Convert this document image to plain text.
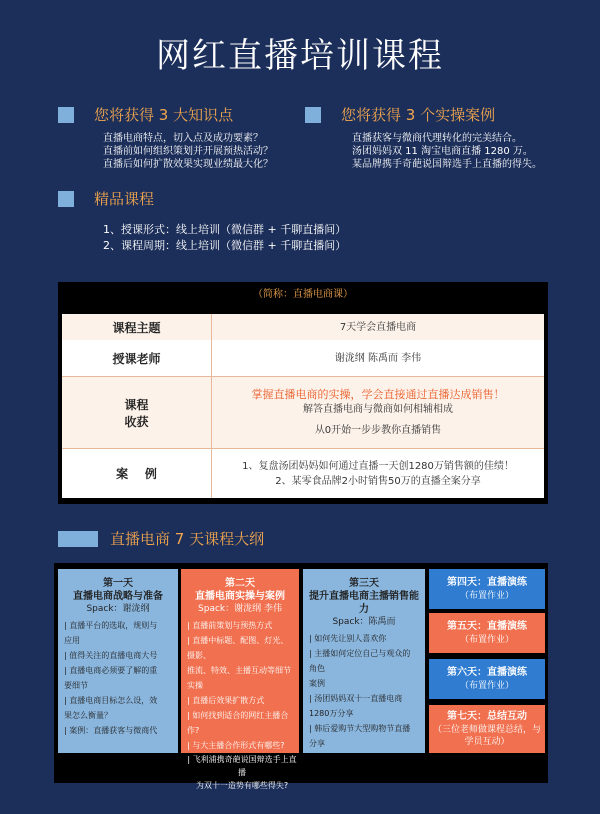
网红直播培训课程
您将获得 3 大知识点
直播电商特点，切入点及成功要素？
直播前如何组织策划并开展预热活动？
直播后如何扩散效果实现业绩最大化？
您将获得 3 个实操案例
直播获客与微商代理转化的完美结合。
汤团妈妈双 11 淘宝电商直播 1280 万。
某品牌携手奇葩说国辩选手上直播的得失。
精品课程
1、授课形式：线上培训（微信群 + 千聊直播间）
2、课程周期：线上培训（微信群 + 千聊直播间）
（简称：直播电商课）
课程主题	7天学会直播电商
授课老师	谢泷纲 陈禹而 李伟
课程
收获
掌握直播电商的实操，学会直接通过直播达成销售！
解答直播电商与微商如何相辅相成
从0开始一步步教你直播销售
案    例
1、复盘汤团妈妈如何通过直播一天创1280万销售额的佳绩！
2、某零食品牌2小时销售50万的直播全案分享
直播电商 7 天课程大纲
第一天
直播电商战略与准备
Spack：谢泷纲
| 直播平台的选取，规则与
应用
| 值得关注的直播电商大号
| 直播电商必须要了解的重
要细节
| 直播电商目标怎么设，效
果怎么衡量？
| 案例：直播获客与微商代
第二天
直播电商实操与案例
Spack：谢泷纲 李伟
| 直播前策划与预热方式
| 直播中标题、配图、灯光、摄影、
推流、特效、主播互动等细节
实操
| 直播后效果扩散方式
| 如何找到适合的网红主播合作?
| 与大主播合作形式有哪些?
| 飞利浦携奇葩说国辩选手上直播
为双十一造势有哪些得失?
第三天
提升直播电商主播销售能力
Spack：陈禹而
| 如何先让别人喜欢你
| 主播如何定位自己与观众的
角色
案例
| 汤团妈妈双十一直播电商
1280万分享
| 韩后爱购节大型购物节直播
分享
第四天：直播演练
（布置作业）
第五天：直播演练
（布置作业）
第六天：直播演练
（布置作业）
第七天：总结互动
（三位老师做课程总结，与
学员互动）
